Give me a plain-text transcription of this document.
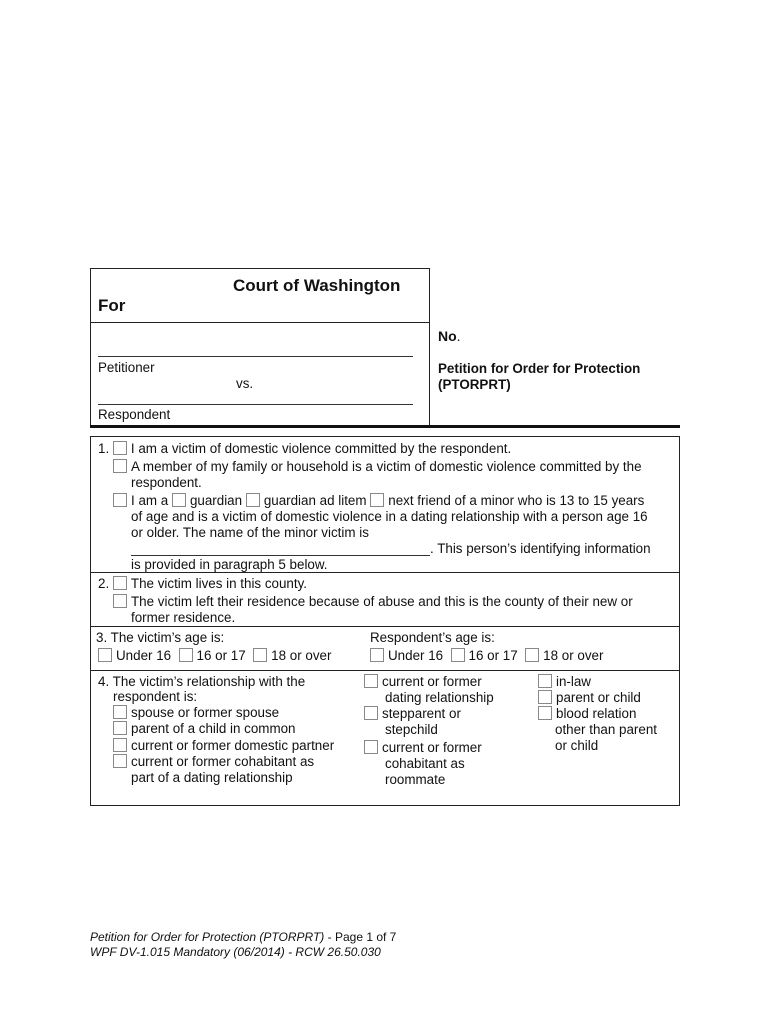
Court of Washington
For
Petitioner
vs.
Respondent
No.
Petition for Order for Protection
(PTORPRT)
1. I am a victim of domestic violence committed by the respondent.
A member of my family or household is a victim of domestic violence committed by the
respondent.
I am a guardian guardian ad litem next friend of a minor who is 13 to 15 years
of age and is a victim of domestic violence in a dating relationship with a person age 16
or older. The name of the minor victim is
. This person’s identifying information
is provided in paragraph 5 below.
2. The victim lives in this county.
The victim left their residence because of abuse and this is the county of their new or
former residence.
3. The victim’s age is:	Respondent’s age is:
Under 16 16 or 17 18 or over	Under 16 16 or 17 18 or over
4. The victim’s relationship with the
respondent is:
spouse or former spouse
parent of a child in common
current or former domestic partner
current or former cohabitant as
part of a dating relationship
current or former
dating relationship
stepparent or
stepchild
current or former
cohabitant as
roommate
in-law
parent or child
blood relation
other than parent
or child
Petition for Order for Protection (PTORPRT) - Page 1 of 7
WPF DV-1.015 Mandatory (06/2014) - RCW 26.50.030
